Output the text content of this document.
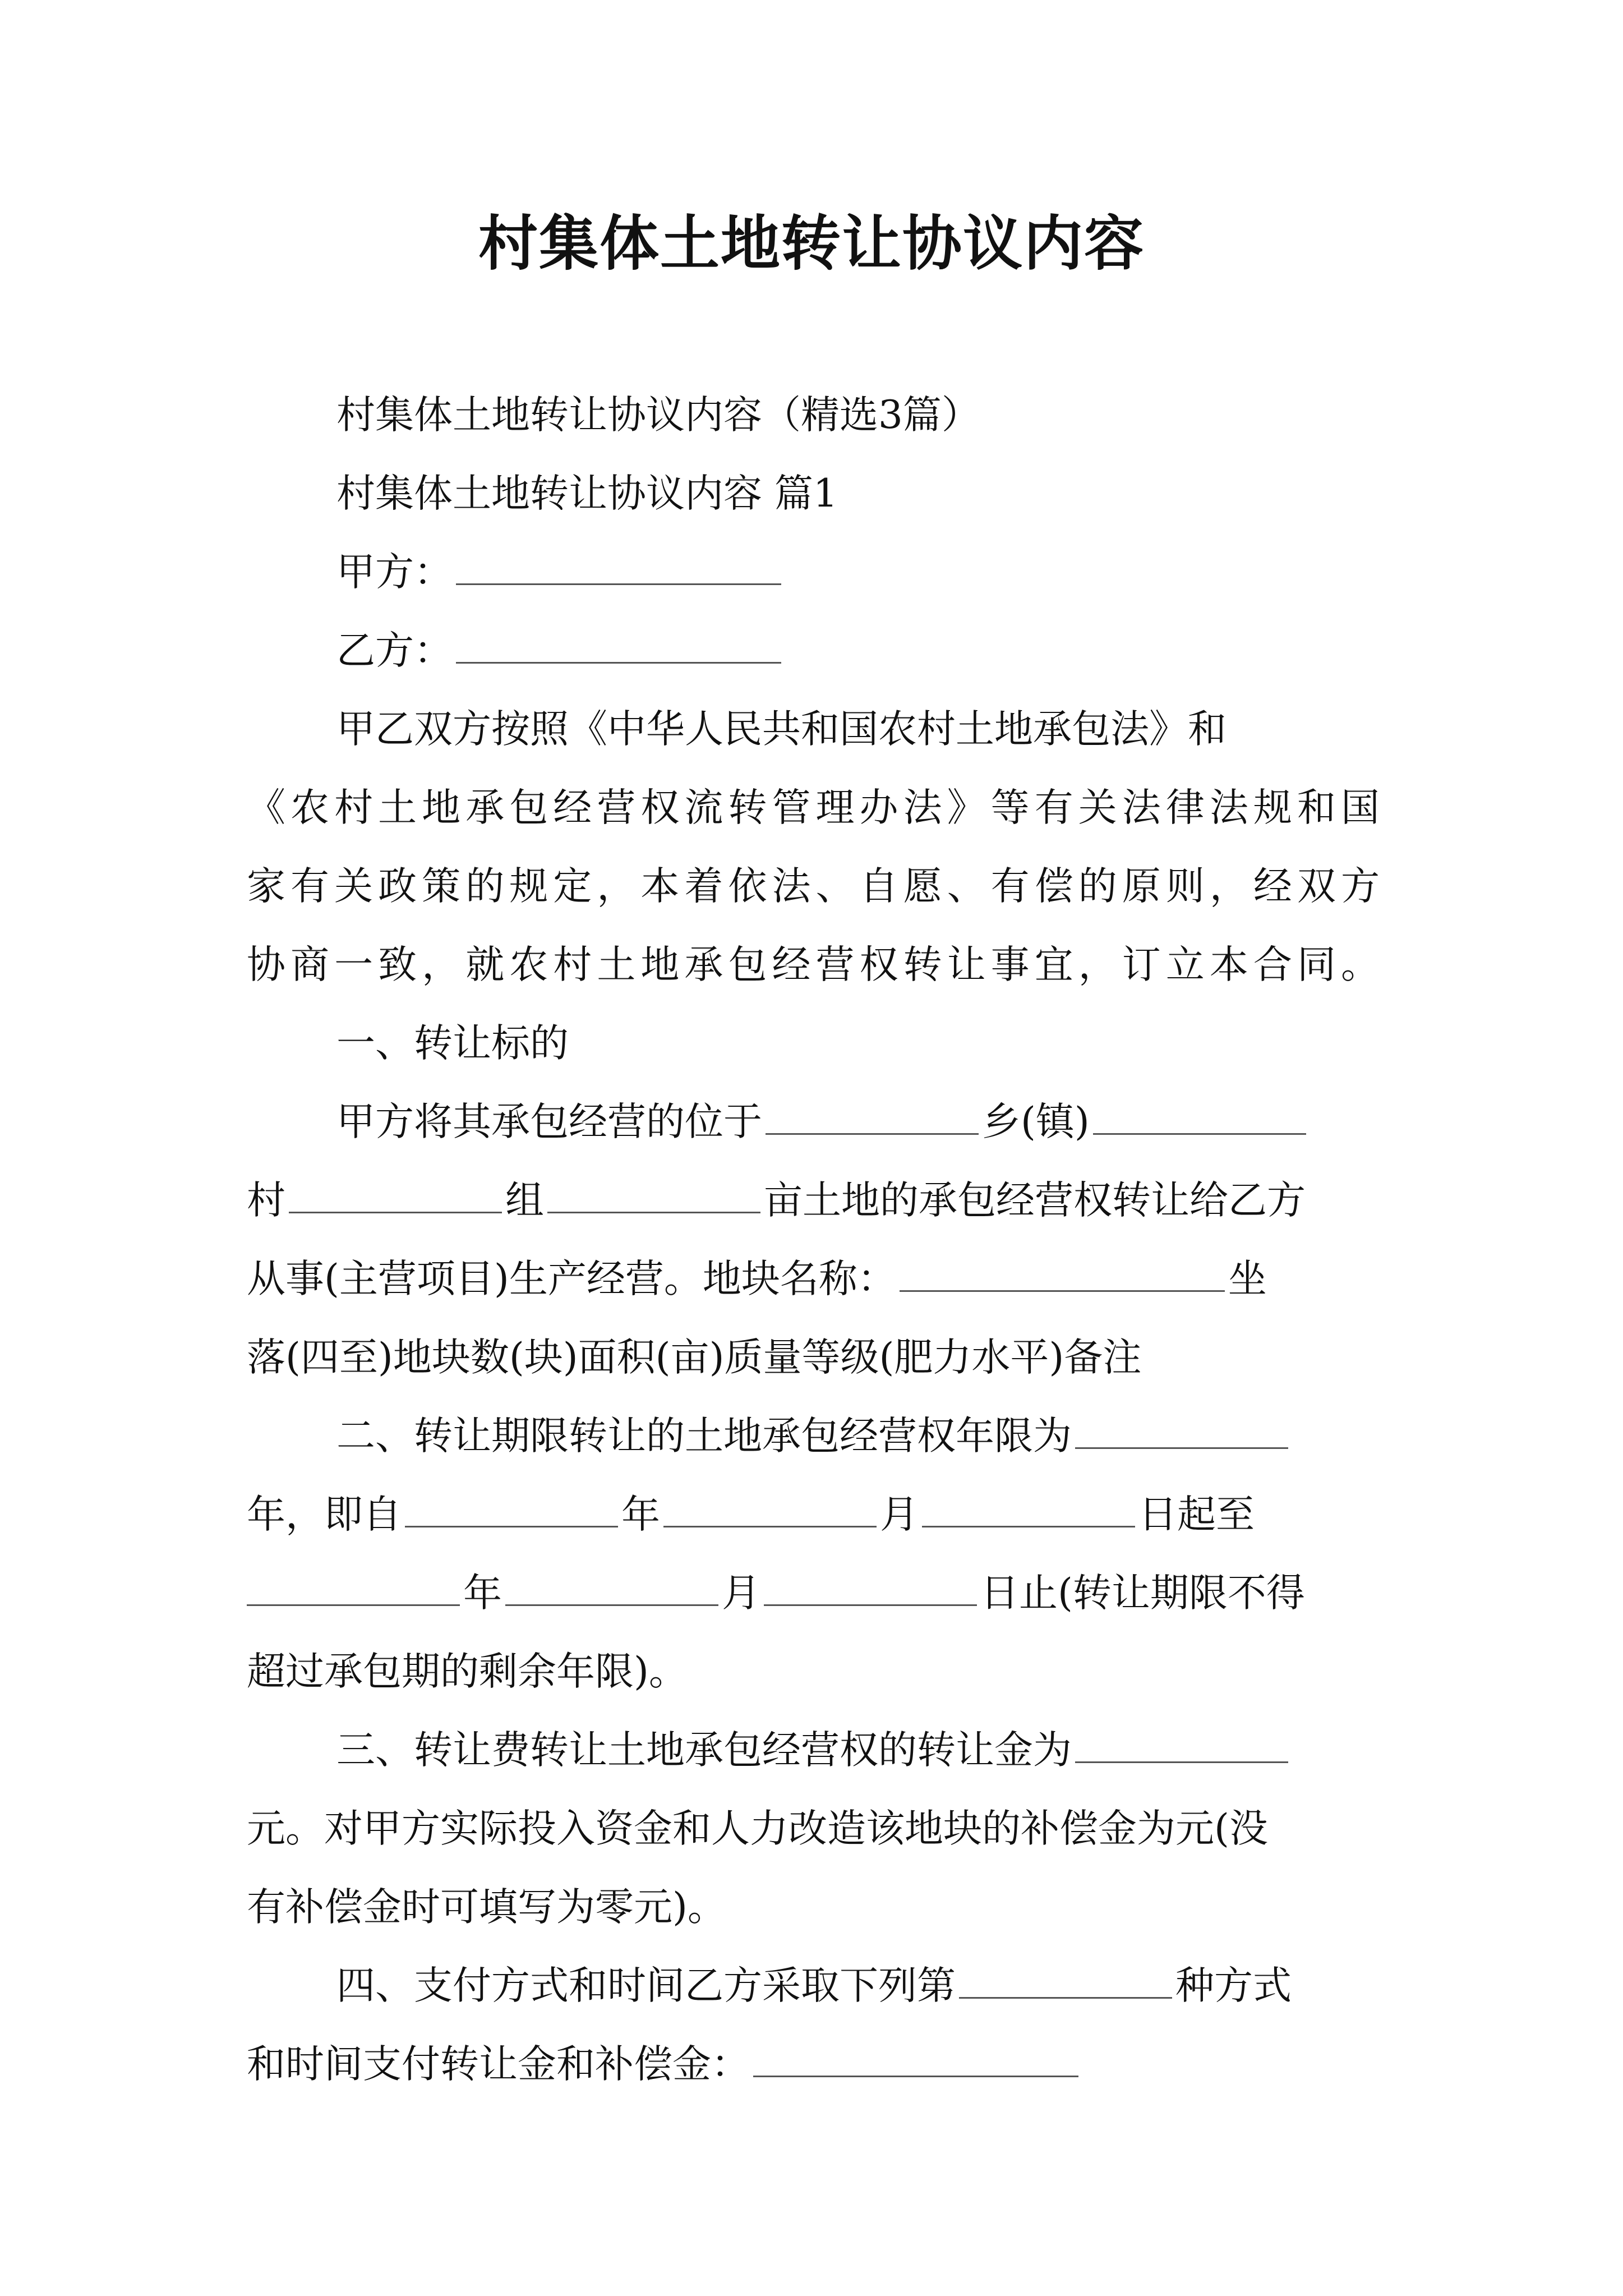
村集体土地转让协议内容
村集体土地转让协议内容（精选3篇）
村集体土地转让协议内容 篇1
甲方：
乙方：
甲乙双方按照《中华人民共和国农村土地承包法》和
《农村土地承包经营权流转管理办法》等有关法律法规和国
家有关政策的规定，本着依法、自愿、有偿的原则，经双方
协商一致，就农村土地承包经营权转让事宜，订立本合同。
一、转让标的
甲方将其承包经营的位于	乡(镇)
村	组	亩土地的承包经营权转让给乙方
从事(主营项目)生产经营。地块名称：	坐
落(四至)地块数(块)面积(亩)质量等级(肥力水平)备注
二、转让期限转让的土地承包经营权年限为
年，即自	年	月	日起至
年	月	日止(转让期限不得
超过承包期的剩余年限)。
三、转让费转让土地承包经营权的转让金为
元。对甲方实际投入资金和人力改造该地块的补偿金为元(没
有补偿金时可填写为零元)。
四、支付方式和时间乙方采取下列第	种方式
和时间支付转让金和补偿金：
